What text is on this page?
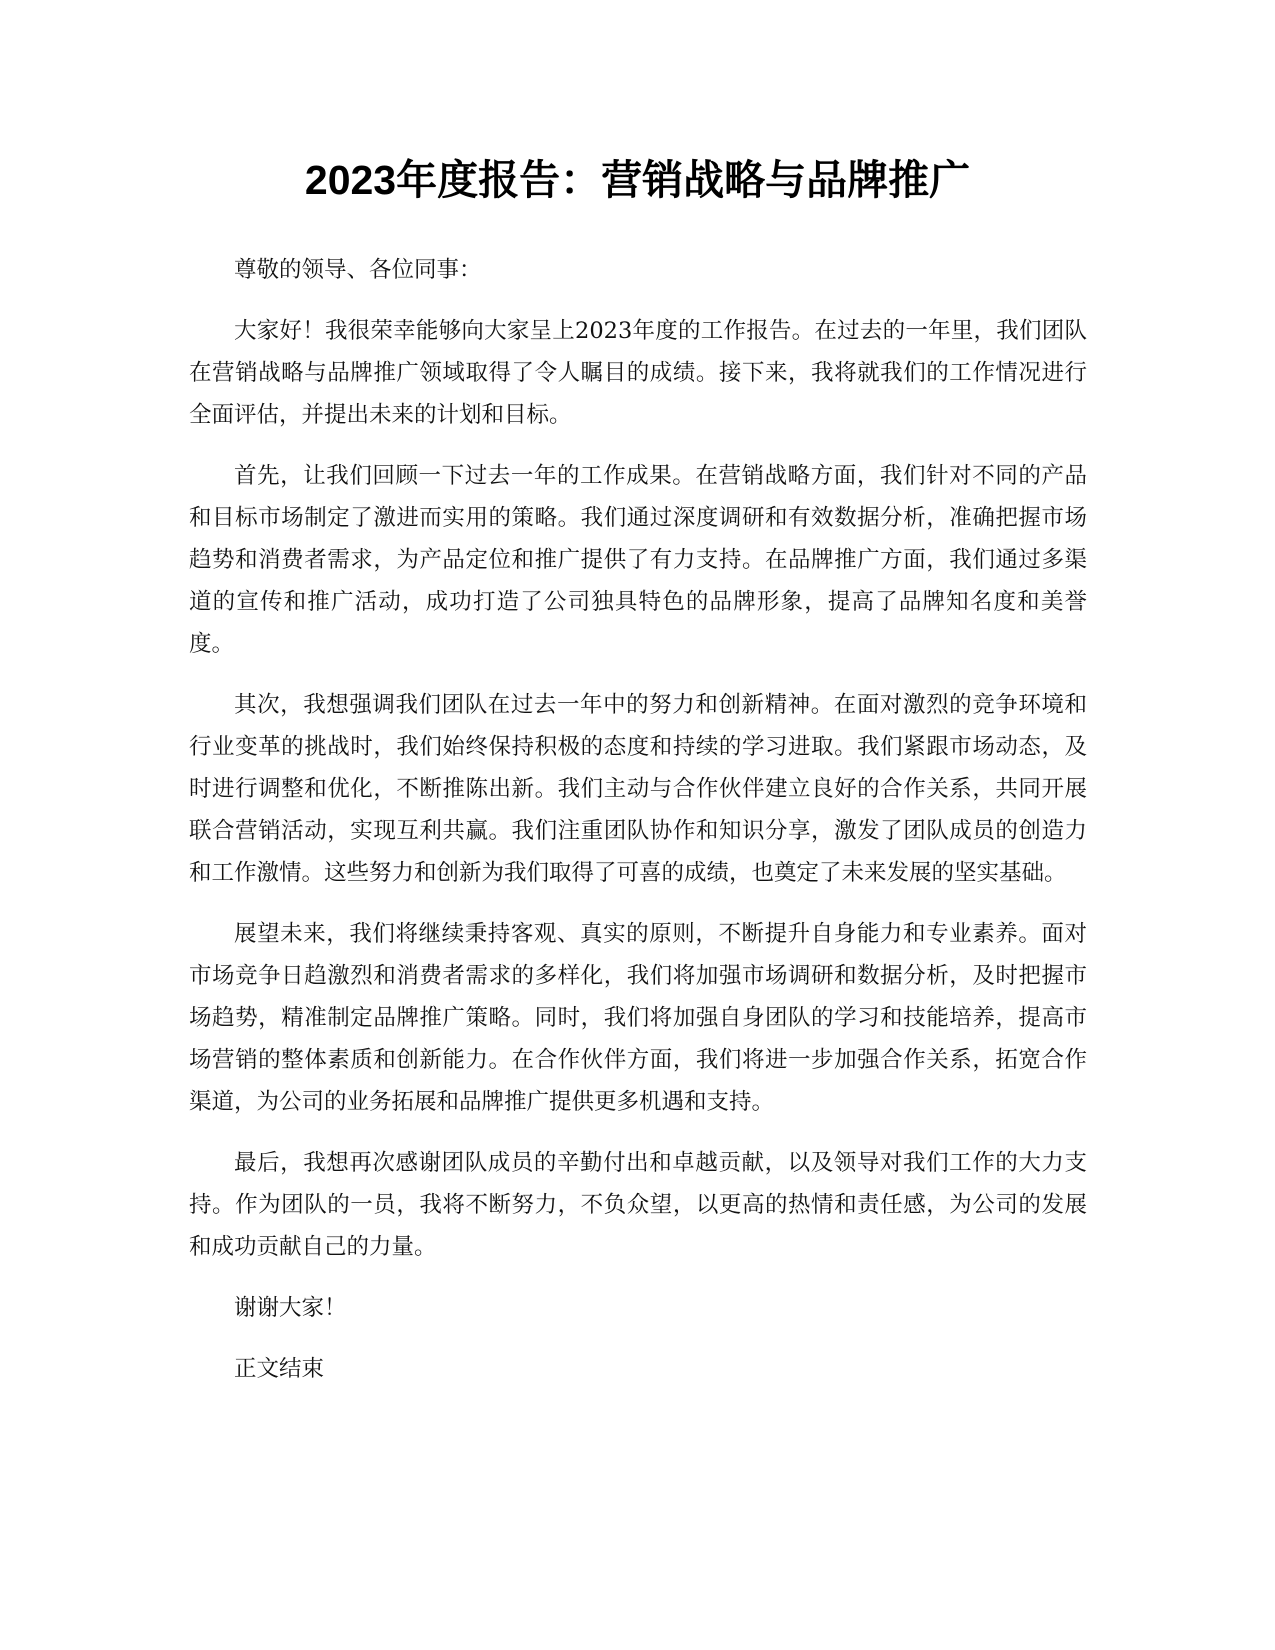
2023年度报告：营销战略与品牌推广

尊敬的领导、各位同事：

大家好！我很荣幸能够向大家呈上2023年度的工作报告。在过去的一年里，我们团队在营销战略与品牌推广领域取得了令人瞩目的成绩。接下来，我将就我们的工作情况进行全面评估，并提出未来的计划和目标。

首先，让我们回顾一下过去一年的工作成果。在营销战略方面，我们针对不同的产品和目标市场制定了激进而实用的策略。我们通过深度调研和有效数据分析，准确把握市场趋势和消费者需求，为产品定位和推广提供了有力支持。在品牌推广方面，我们通过多渠道的宣传和推广活动，成功打造了公司独具特色的品牌形象，提高了品牌知名度和美誉度。

其次，我想强调我们团队在过去一年中的努力和创新精神。在面对激烈的竞争环境和行业变革的挑战时，我们始终保持积极的态度和持续的学习进取。我们紧跟市场动态，及时进行调整和优化，不断推陈出新。我们主动与合作伙伴建立良好的合作关系，共同开展联合营销活动，实现互利共赢。我们注重团队协作和知识分享，激发了团队成员的创造力和工作激情。这些努力和创新为我们取得了可喜的成绩，也奠定了未来发展的坚实基础。

展望未来，我们将继续秉持客观、真实的原则，不断提升自身能力和专业素养。面对市场竞争日趋激烈和消费者需求的多样化，我们将加强市场调研和数据分析，及时把握市场趋势，精准制定品牌推广策略。同时，我们将加强自身团队的学习和技能培养，提高市场营销的整体素质和创新能力。在合作伙伴方面，我们将进一步加强合作关系，拓宽合作渠道，为公司的业务拓展和品牌推广提供更多机遇和支持。

最后，我想再次感谢团队成员的辛勤付出和卓越贡献，以及领导对我们工作的大力支持。作为团队的一员，我将不断努力，不负众望，以更高的热情和责任感，为公司的发展和成功贡献自己的力量。

谢谢大家！

正文结束
